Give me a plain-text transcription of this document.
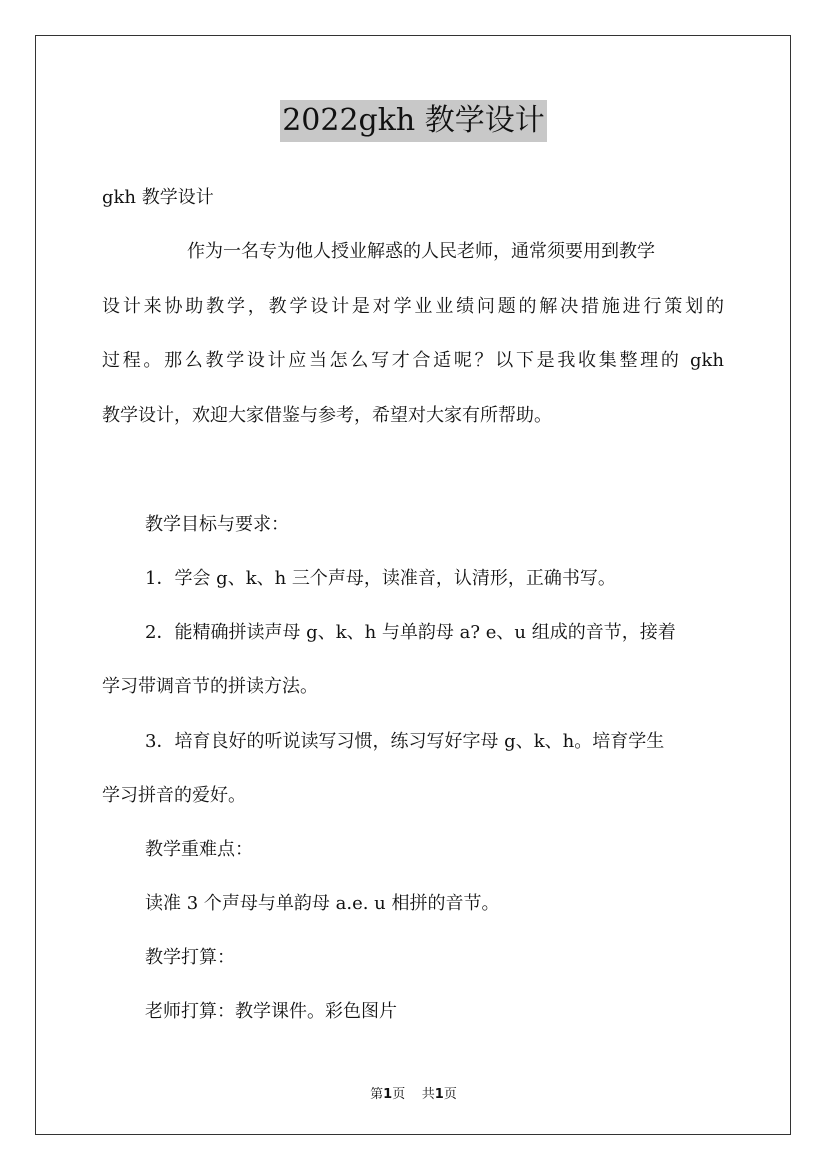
2022gkh 教学设计
gkh 教学设计
作为一名专为他人授业解惑的人民老师，通常须要用到教学
设计来协助教学，教学设计是对学业业绩问题的解决措施进行策划的
过程。那么教学设计应当怎么写才合适呢？以下是我收集整理的 gkh
教学设计，欢迎大家借鉴与参考，希望对大家有所帮助。
教学目标与要求：
1．学会 g、k、h 三个声母，读准音，认清形，正确书写。
2．能精确拼读声母 g、k、h 与单韵母 a? e、u 组成的音节，接着
学习带调音节的拼读方法。
3．培育良好的听说读写习惯，练习写好字母 g、k、h。培育学生
学习拼音的爱好。
教学重难点：
读准 3 个声母与单韵母 a.e. u 相拼的音节。
教学打算：
老师打算：教学课件。彩色图片
第1页 共1页
